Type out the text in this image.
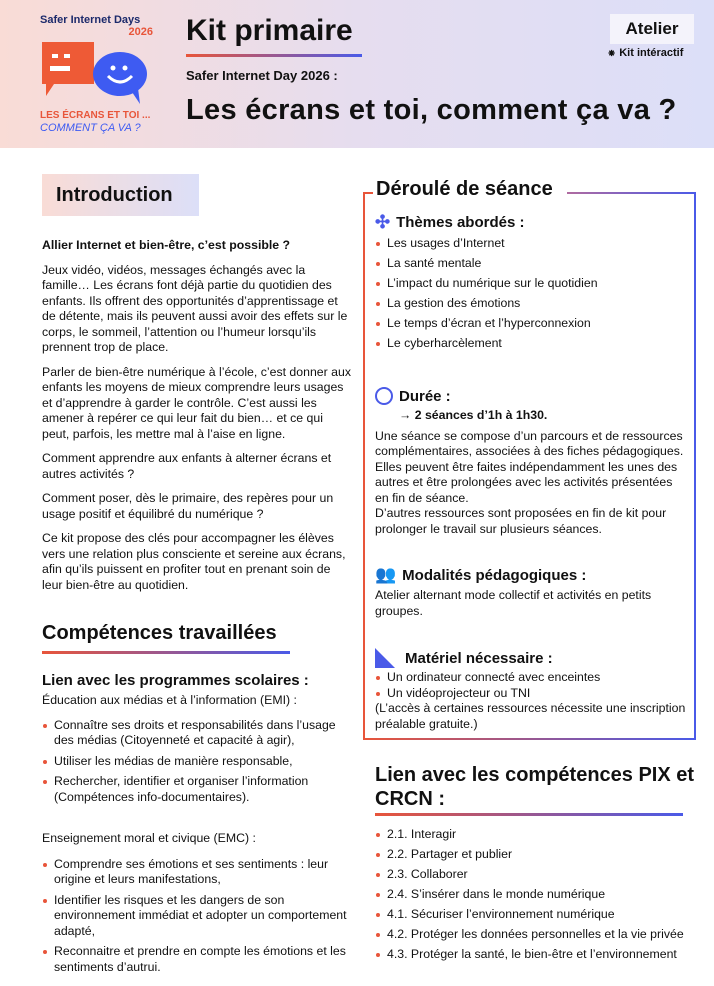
Safer Internet Days
2026
LES ÉCRANS ET TOI ...
COMMENT ÇA VA ?
Kit primaire
Safer Internet Day 2026 :
Les écrans et toi, comment ça va ?
Atelier
⁕ Kit intéractif
Introduction
Allier Internet et bien-être, c’est possible ?
Jeux vidéo, vidéos, messages échangés avec la famille… Les écrans font déjà partie du quotidien des enfants. Ils offrent des opportunités d’apprentissage et de détente, mais ils peuvent aussi avoir des effets sur le corps, le sommeil, l’attention ou l’humeur lorsqu’ils prennent trop de place.
Parler de bien-être numérique à l’école, c’est donner aux enfants les moyens de mieux comprendre leurs usages et d’apprendre à garder le contrôle. C’est aussi les amener à repérer ce qui leur fait du bien… et ce qui peut, parfois, les mettre mal à l’aise en ligne.
Comment apprendre aux enfants à alterner écrans et autres activités ?
Comment poser, dès le primaire, des repères pour un usage positif et équilibré du numérique ?
Ce kit propose des clés pour accompagner les élèves vers une relation plus consciente et sereine aux écrans, afin qu’ils puissent en profiter tout en prenant soin de leur bien-être au quotidien.
Compétences travaillées
Lien avec les programmes scolaires :
Éducation aux médias et à l’information (EMI) :
Connaître ses droits et responsabilités dans l’usage des médias (Citoyenneté et capacité à agir),
Utiliser les médias de manière responsable,
Rechercher, identifier et organiser l’information (Compétences info-documentaires).
Enseignement moral et civique (EMC) :
Comprendre ses émotions et ses sentiments : leur origine et leurs manifestations,
Identifier les risques et les dangers de son environnement immédiat et adopter un comportement adapté,
Reconnaitre et prendre en compte les émotions et les sentiments d’autrui.
Déroulé de séance
✣ Thèmes abordés :
Les usages d’Internet
La santé mentale
L’impact du numérique sur le quotidien
La gestion des émotions
Le temps d’écran et l’hyperconnexion
Le cyberharcèlement
Durée :
→ 2 séances d’1h à 1h30.
Une séance se compose d’un parcours et de ressources complémentaires, associées à des fiches pédagogiques. Elles peuvent être faites indépendamment les unes des autres et être prolongées avec les activités présentées en fin de séance.
D’autres ressources sont proposées en fin de kit pour prolonger le travail sur plusieurs séances.
👥 Modalités pédagogiques :
Atelier alternant mode collectif et activités en petits groupes.
Matériel nécessaire :
Un ordinateur connecté avec enceintes
Un vidéoprojecteur ou TNI
(L’accès à certaines ressources nécessite une inscription préalable gratuite.)
Lien avec les compétences PIX et CRCN :
2.1. Interagir
2.2. Partager et publier
2.3. Collaborer
2.4. S’insérer dans le monde numérique
4.1. Sécuriser l’environnement numérique
4.2. Protéger les données personnelles et la vie privée
4.3. Protéger la santé, le bien-être et l’environnement
